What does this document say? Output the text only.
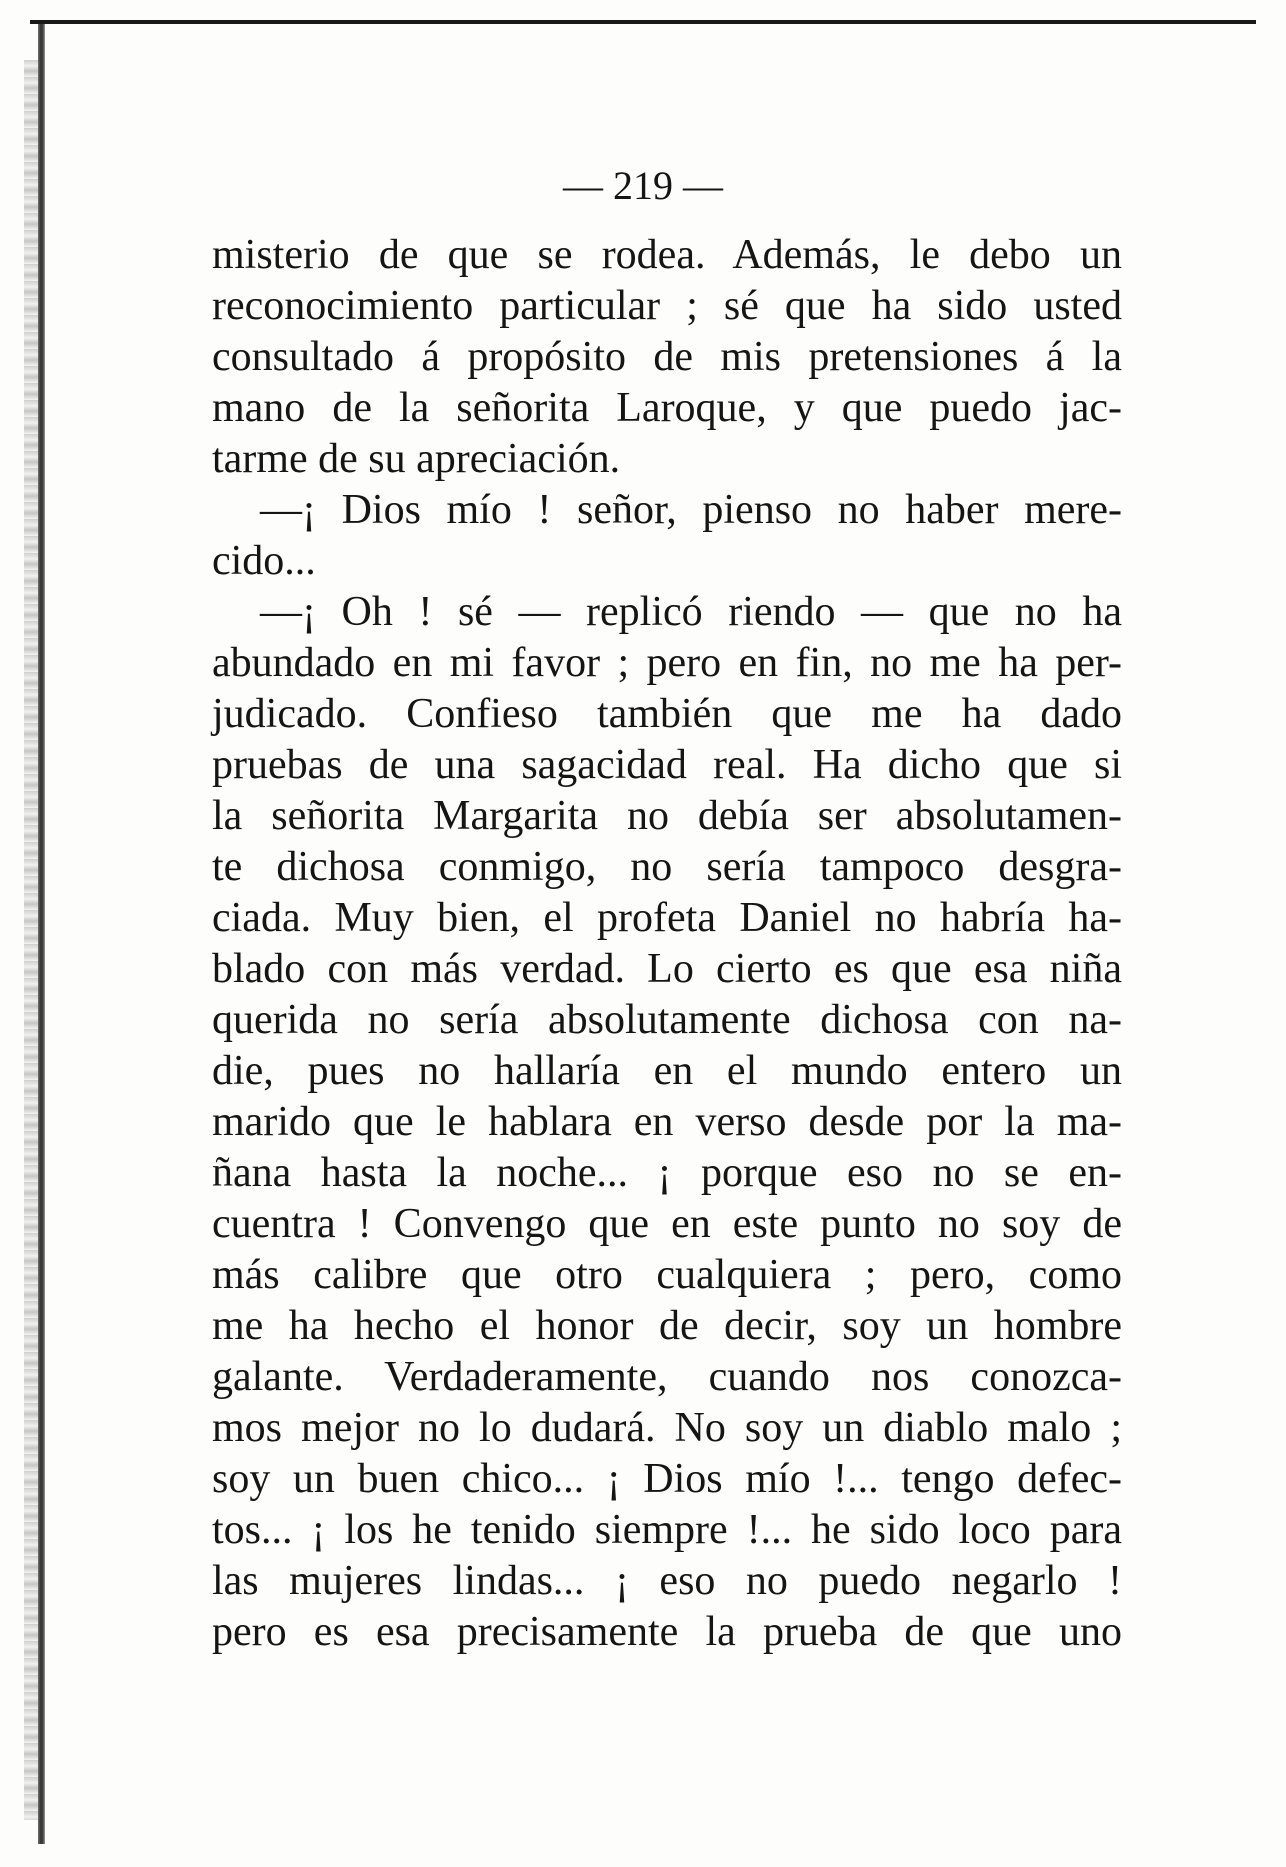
— 219 —
misterio de que se rodea. Además, le debo un
reconocimiento particular ; sé que ha sido usted
consultado á propósito de mis pretensiones á la
mano de la señorita Laroque, y que puedo jac-
tarme de su apreciación.
—¡ Dios mío ! señor, pienso no haber mere-
cido...
—¡ Oh ! sé — replicó riendo — que no ha
abundado en mi favor ; pero en fin, no me ha per-
judicado. Confieso también que me ha dado
pruebas de una sagacidad real. Ha dicho que si
la señorita Margarita no debía ser absolutamen-
te dichosa conmigo, no sería tampoco desgra-
ciada. Muy bien, el profeta Daniel no habría ha-
blado con más verdad. Lo cierto es que esa niña
querida no sería absolutamente dichosa con na-
die, pues no hallaría en el mundo entero un
marido que le hablara en verso desde por la ma-
ñana hasta la noche... ¡ porque eso no se en-
cuentra ! Convengo que en este punto no soy de
más calibre que otro cualquiera ; pero, como
me ha hecho el honor de decir, soy un hombre
galante. Verdaderamente, cuando nos conozca-
mos mejor no lo dudará. No soy un diablo malo ;
soy un buen chico... ¡ Dios mío !... tengo defec-
tos... ¡ los he tenido siempre !... he sido loco para
las mujeres lindas... ¡ eso no puedo negarlo !
pero es esa precisamente la prueba de que uno
